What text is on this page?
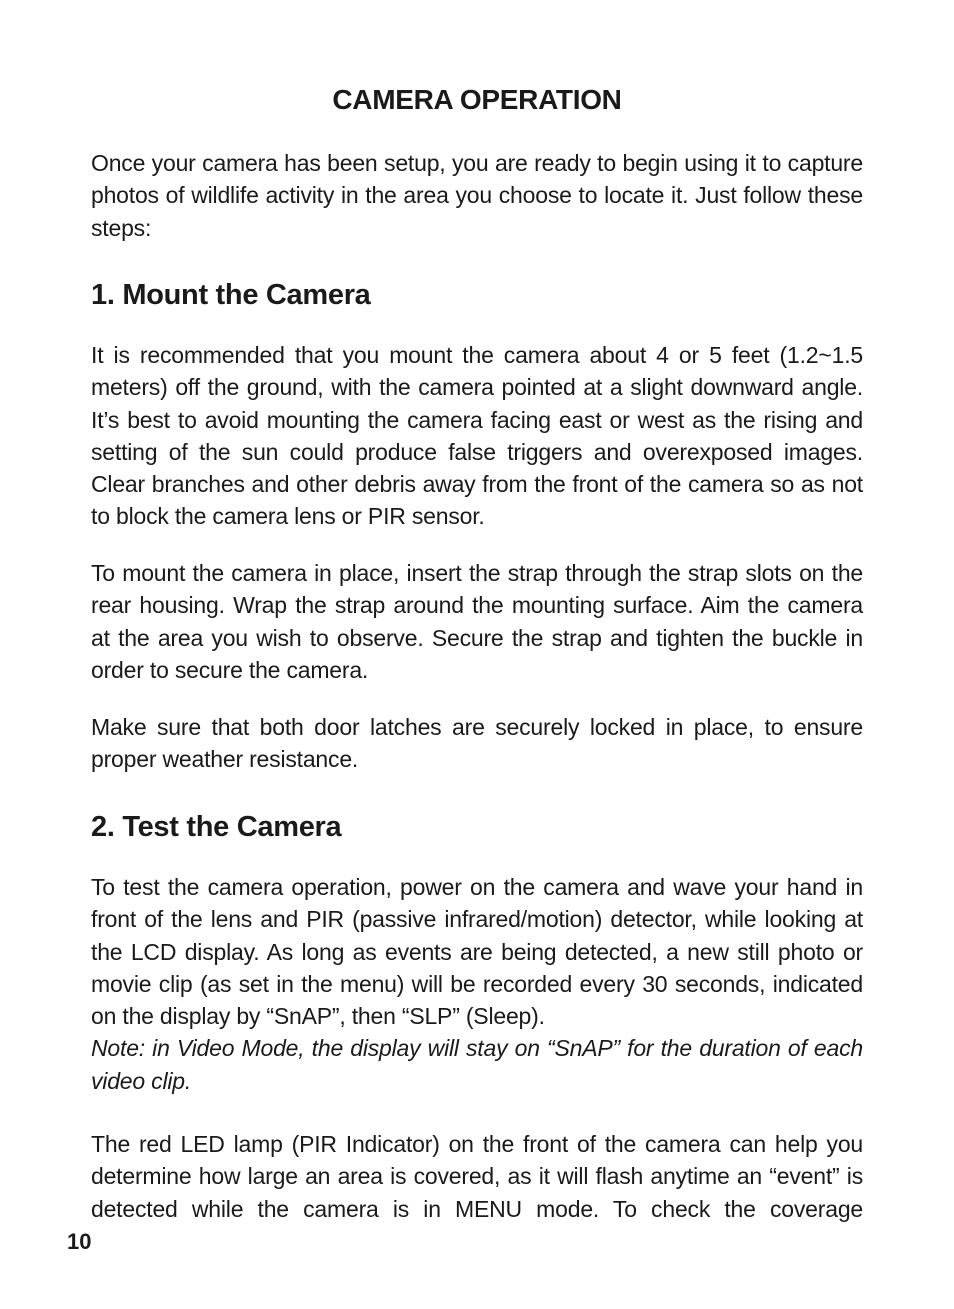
CAMERA OPERATION

Once your camera has been setup, you are ready to begin using it to capture photos of wildlife activity in the area you choose to locate it. Just follow these steps:

1. Mount the Camera

It is recommended that you mount the camera about 4 or 5 feet (1.2~1.5 meters) off the ground, with the camera pointed at a slight downward angle. It’s best to avoid mounting the camera facing east or west as the rising and setting of the sun could produce false triggers and overexposed images. Clear branches and other debris away from the front of the camera so as not to block the camera lens or PIR sensor.

To mount the camera in place, insert the strap through the strap slots on the rear housing. Wrap the strap around the mounting surface. Aim the camera at the area you wish to observe. Secure the strap and tighten the buckle in order to secure the camera.

Make sure that both door latches are securely locked in place, to ensure proper weather resistance.

2. Test the Camera

To test the camera operation, power on the camera and wave your hand in front of the lens and PIR (passive infrared/motion) detector, while looking at the LCD display. As long as events are being detected, a new still photo or movie clip (as set in the menu) will be recorded every 30 seconds, indicated on the display by “SnAP”, then “SLP” (Sleep).

Note: in Video Mode, the display will stay on “SnAP” for the duration of each video clip.

The red LED lamp (PIR Indicator) on the front of the camera can help you determine how large an area is covered, as it will flash anytime an “event” is detected while the camera is in MENU mode. To check the coverage

10
